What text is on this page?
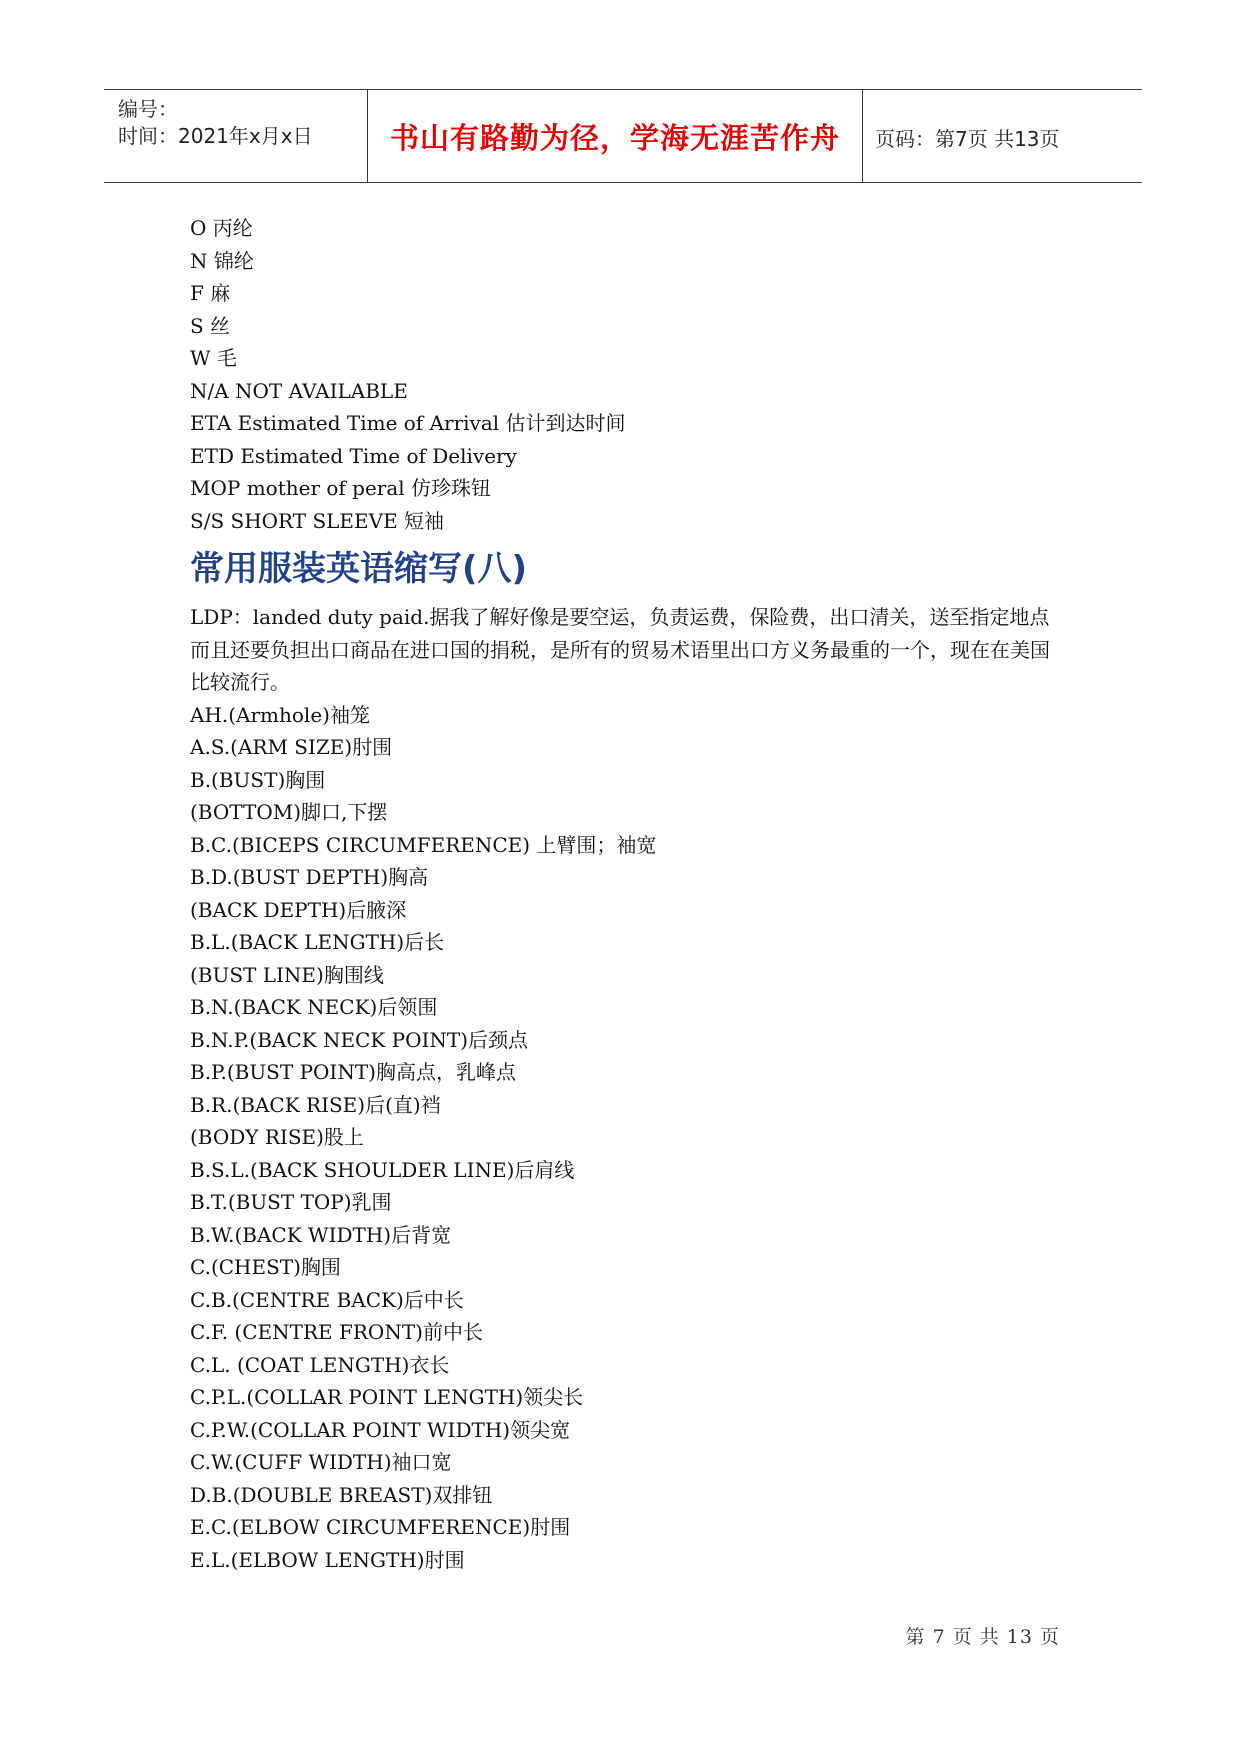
编号：
时间：2021年x月x日	书山有路勤为径，学海无涯苦作舟	页码：第7页 共13页
O 丙纶
N 锦纶
F 麻
S 丝
W 毛
N/A NOT AVAILABLE
ETA Estimated Time of Arrival 估计到达时间
ETD Estimated Time of Delivery
MOP mother of peral 仿珍珠钮
S/S SHORT SLEEVE 短袖
常用服装英语缩写(八)
LDP：landed duty paid.据我了解好像是要空运，负责运费，保险费，出口清关，送至指定地点而且还要负担出口商品在进口国的捐税，是所有的贸易术语里出口方义务最重的一个，现在在美国比较流行。
AH.(Armhole)袖笼
A.S.(ARM SIZE)肘围
B.(BUST)胸围
(BOTTOM)脚口,下摆
B.C.(BICEPS CIRCUMFERENCE) 上臂围；袖宽
B.D.(BUST DEPTH)胸高
(BACK DEPTH)后腋深
B.L.(BACK LENGTH)后长
(BUST LINE)胸围线
B.N.(BACK NECK)后领围
B.N.P.(BACK NECK POINT)后颈点
B.P.(BUST POINT)胸高点，乳峰点
B.R.(BACK RISE)后(直)裆
(BODY RISE)股上
B.S.L.(BACK SHOULDER LINE)后肩线
B.T.(BUST TOP)乳围
B.W.(BACK WIDTH)后背宽
C.(CHEST)胸围
C.B.(CENTRE BACK)后中长
C.F. (CENTRE FRONT)前中长
C.L. (COAT LENGTH)衣长
C.P.L.(COLLAR POINT LENGTH)领尖长
C.P.W.(COLLAR POINT WIDTH)领尖宽
C.W.(CUFF WIDTH)袖口宽
D.B.(DOUBLE BREAST)双排钮
E.C.(ELBOW CIRCUMFERENCE)肘围
E.L.(ELBOW LENGTH)肘围
第 7 页 共 13 页
